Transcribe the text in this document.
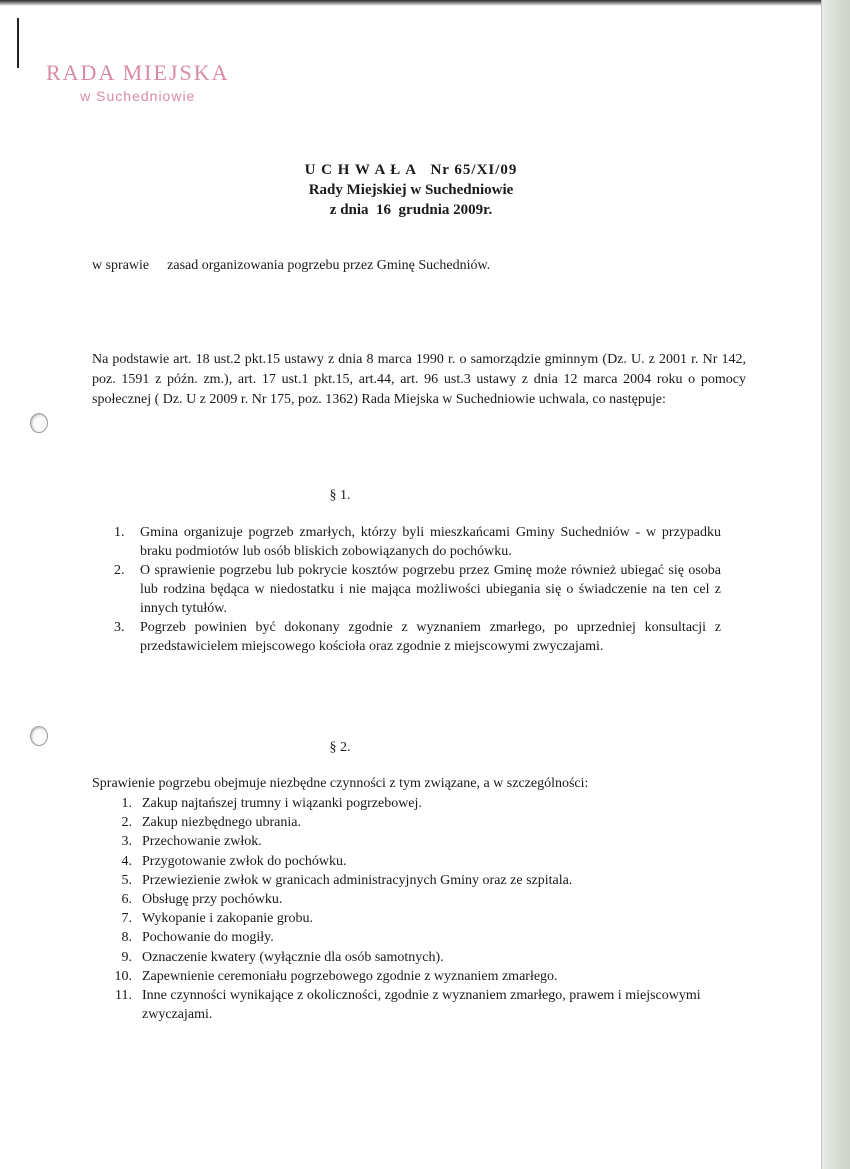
RADA MIEJSKA
w Suchedniowie
U C H W A Ł A   Nr 65/XI/09
Rady Miejskiej w Suchedniowie
z dnia  16  grudnia 2009r.
w sprawie zasad organizowania pogrzebu przez Gminę Suchedniów.
Na podstawie art. 18 ust.2 pkt.15 ustawy z dnia 8 marca 1990 r. o samorządzie gminnym (Dz. U. z 2001 r. Nr 142, poz. 1591 z późn. zm.), art. 17 ust.1 pkt.15, art.44, art. 96 ust.3 ustawy z dnia 12 marca 2004 roku o pomocy społecznej ( Dz. U z 2009 r. Nr 175, poz. 1362) Rada Miejska w Suchedniowie uchwala, co następuje:
§ 1.
1. Gmina organizuje pogrzeb zmarłych, którzy byli mieszkańcami Gminy Suchedniów - w przypadku braku podmiotów lub osób bliskich zobowiązanych do pochówku.
2. O sprawienie pogrzebu lub pokrycie kosztów pogrzebu przez Gminę może również ubiegać się osoba lub rodzina będąca w niedostatku i nie mająca możliwości ubiegania się o świadczenie na ten cel z innych tytułów.
3. Pogrzeb powinien być dokonany zgodnie z wyznaniem zmarłego, po uprzedniej konsultacji z przedstawicielem miejscowego kościoła oraz zgodnie z miejscowymi zwyczajami.
§ 2.
Sprawienie pogrzebu obejmuje niezbędne czynności z tym związane, a w szczególności:
1. Zakup najtańszej trumny i wiązanki pogrzebowej.
2. Zakup niezbędnego ubrania.
3. Przechowanie zwłok.
4. Przygotowanie zwłok do pochówku.
5. Przewiezienie zwłok w granicach administracyjnych Gminy oraz ze szpitala.
6. Obsługę przy pochówku.
7. Wykopanie i zakopanie grobu.
8. Pochowanie do mogiły.
9. Oznaczenie kwatery (wyłącznie dla osób samotnych).
10. Zapewnienie ceremoniału pogrzebowego zgodnie z wyznaniem zmarłego.
11. Inne czynności wynikające z okoliczności, zgodnie z wyznaniem zmarłego, prawem i miejscowymi zwyczajami.
